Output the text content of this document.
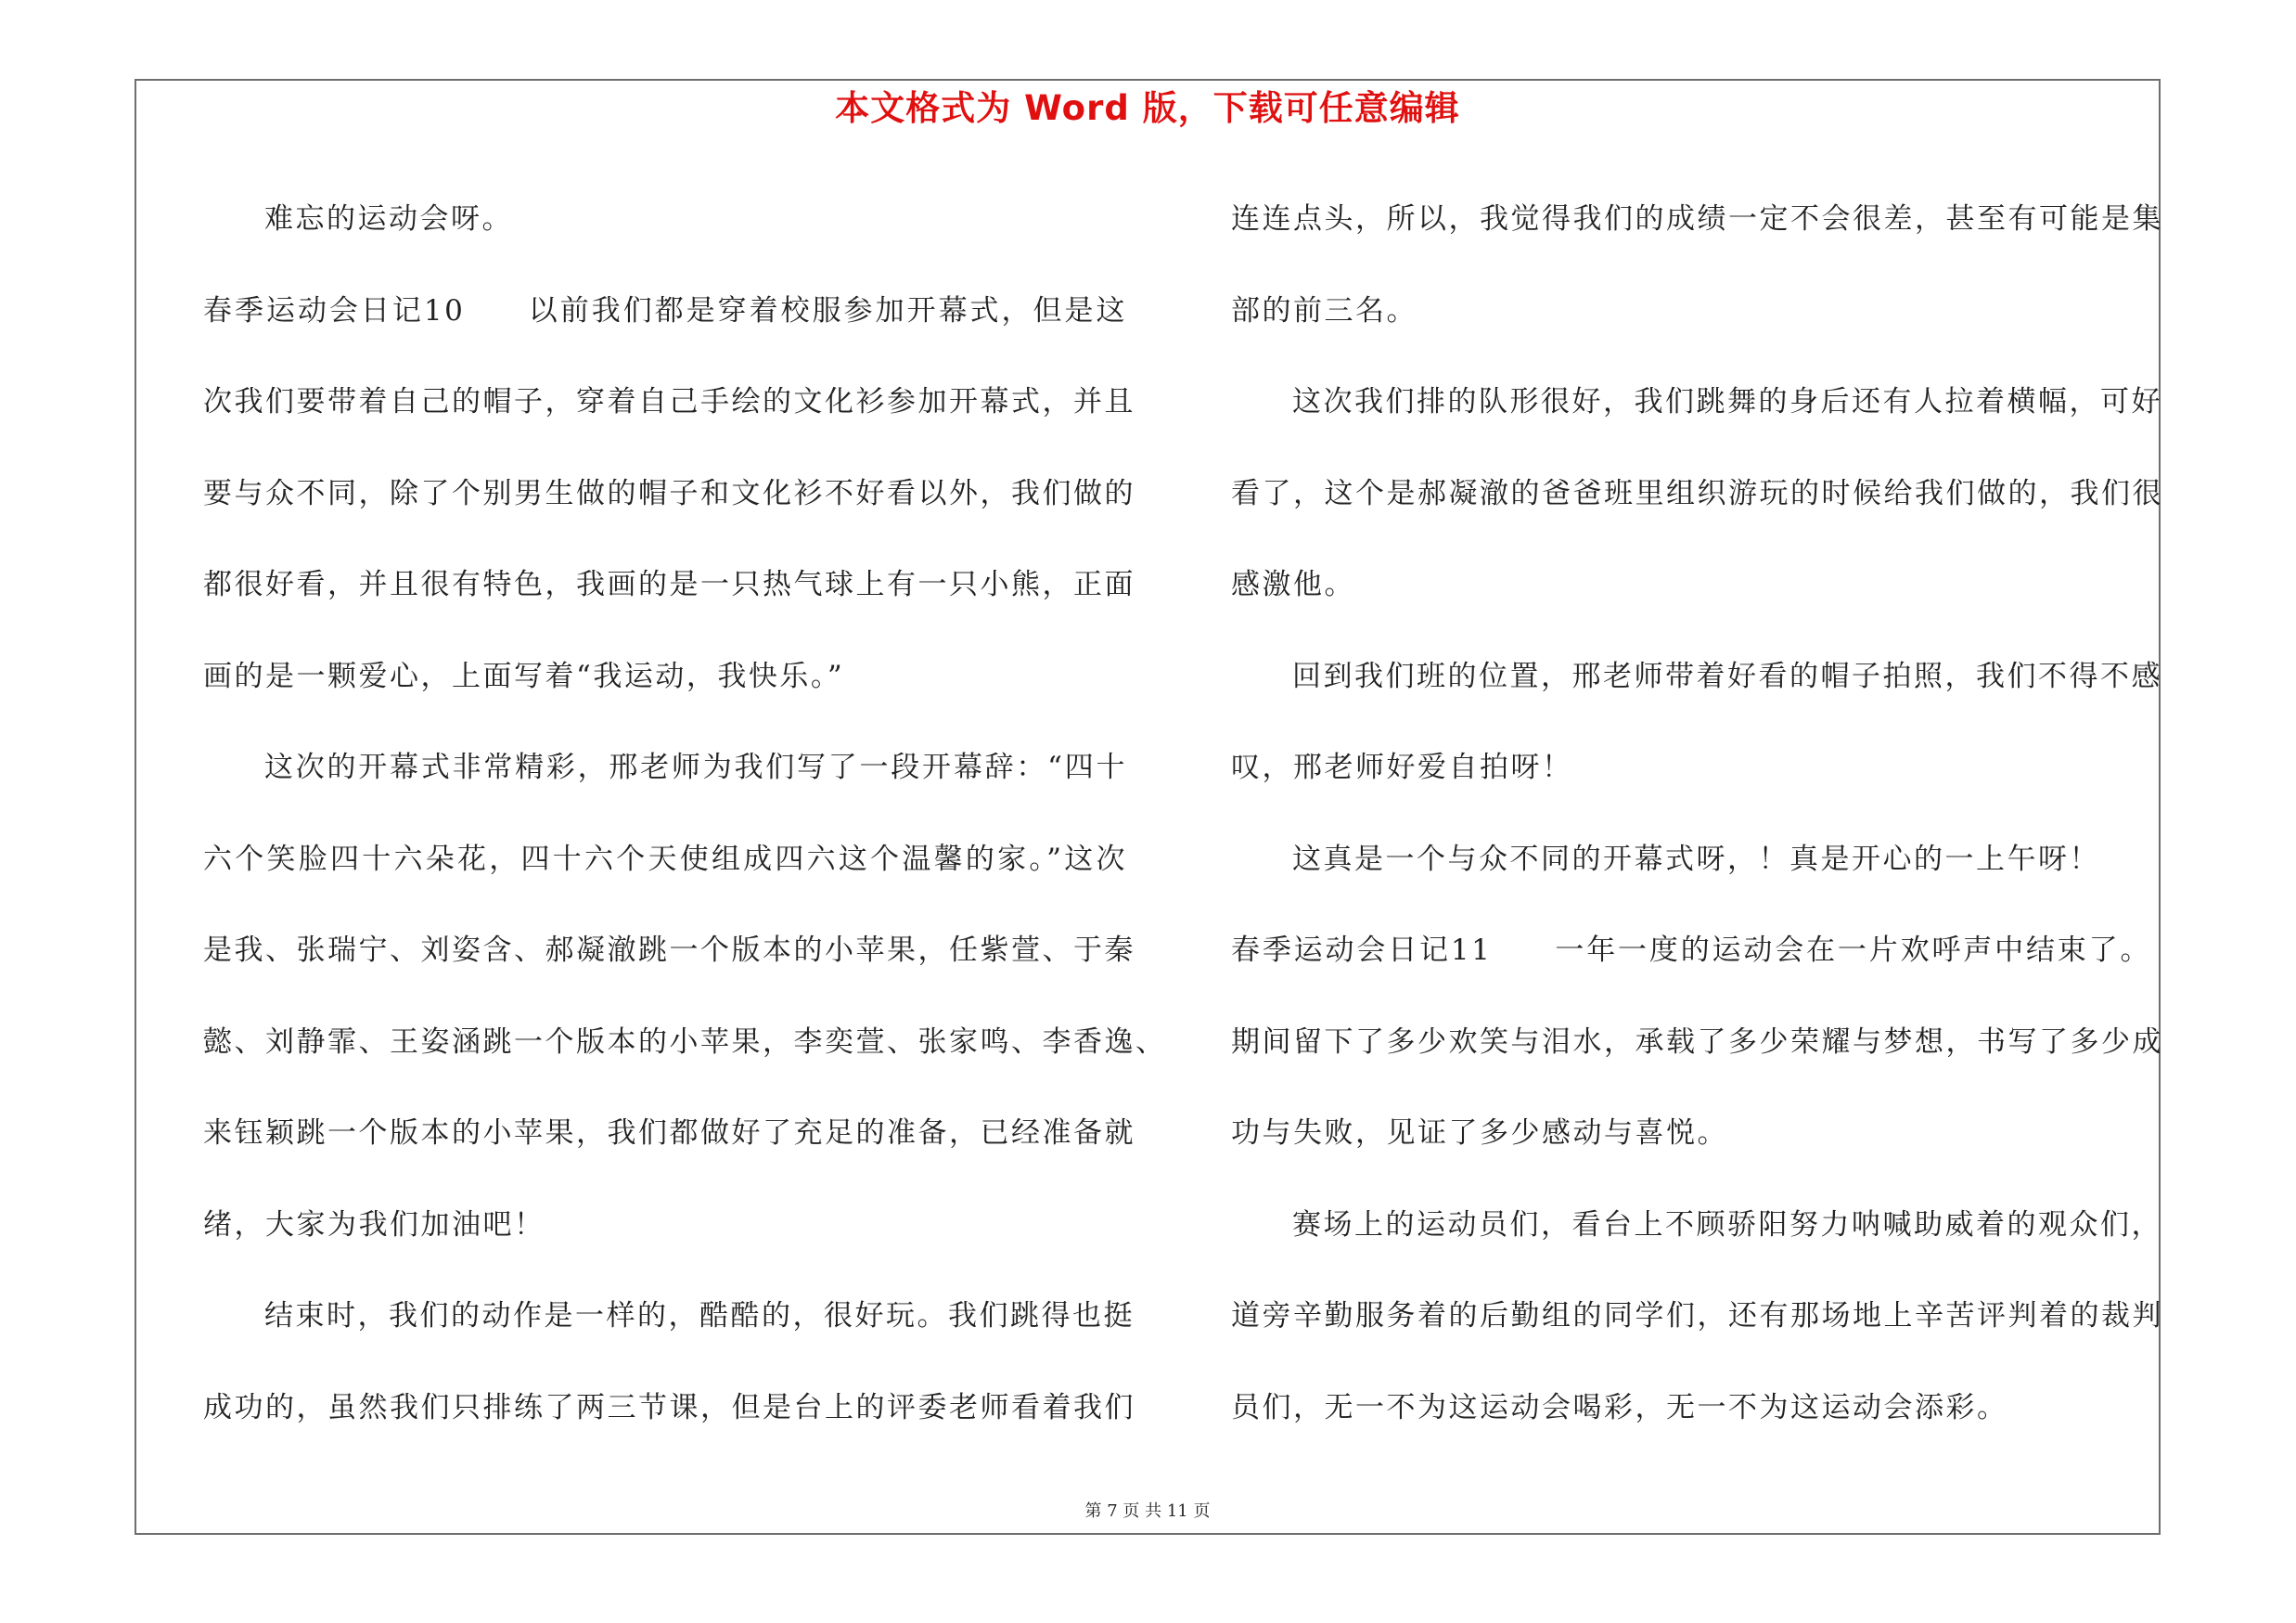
本文格式为 Word 版，下载可任意编辑
难忘的运动会呀。
春季运动会日记10　　以前我们都是穿着校服参加开幕式，但是这
次我们要带着自己的帽子，穿着自己手绘的文化衫参加开幕式，并且
要与众不同，除了个别男生做的帽子和文化衫不好看以外，我们做的
都很好看，并且很有特色，我画的是一只热气球上有一只小熊，正面
画的是一颗爱心，上面写着“我运动，我快乐。”
这次的开幕式非常精彩，邢老师为我们写了一段开幕辞：“四十
六个笑脸四十六朵花，四十六个天使组成四六这个温馨的家。”这次
是我、张瑞宁、刘姿含、郝凝澈跳一个版本的小苹果，任紫萱、于秦
懿、刘静霏、王姿涵跳一个版本的小苹果，李奕萱、张家鸣、李香逸、
来钰颖跳一个版本的小苹果，我们都做好了充足的准备，已经准备就
绪，大家为我们加油吧！
结束时，我们的动作是一样的，酷酷的，很好玩。我们跳得也挺
成功的，虽然我们只排练了两三节课，但是台上的评委老师看着我们
连连点头，所以，我觉得我们的成绩一定不会很差，甚至有可能是集
部的前三名。
这次我们排的队形很好，我们跳舞的身后还有人拉着横幅，可好
看了，这个是郝凝澈的爸爸班里组织游玩的时候给我们做的，我们很
感激他。
回到我们班的位置，邢老师带着好看的帽子拍照，我们不得不感
叹，邢老师好爱自拍呀！
这真是一个与众不同的开幕式呀，！真是开心的一上午呀！
春季运动会日记11　　一年一度的运动会在一片欢呼声中结束了。
期间留下了多少欢笑与泪水，承载了多少荣耀与梦想，书写了多少成
功与失败，见证了多少感动与喜悦。
赛场上的运动员们，看台上不顾骄阳努力呐喊助威着的观众们，
道旁辛勤服务着的后勤组的同学们，还有那场地上辛苦评判着的裁判
员们，无一不为这运动会喝彩，无一不为这运动会添彩。
第 7 页 共 11 页
